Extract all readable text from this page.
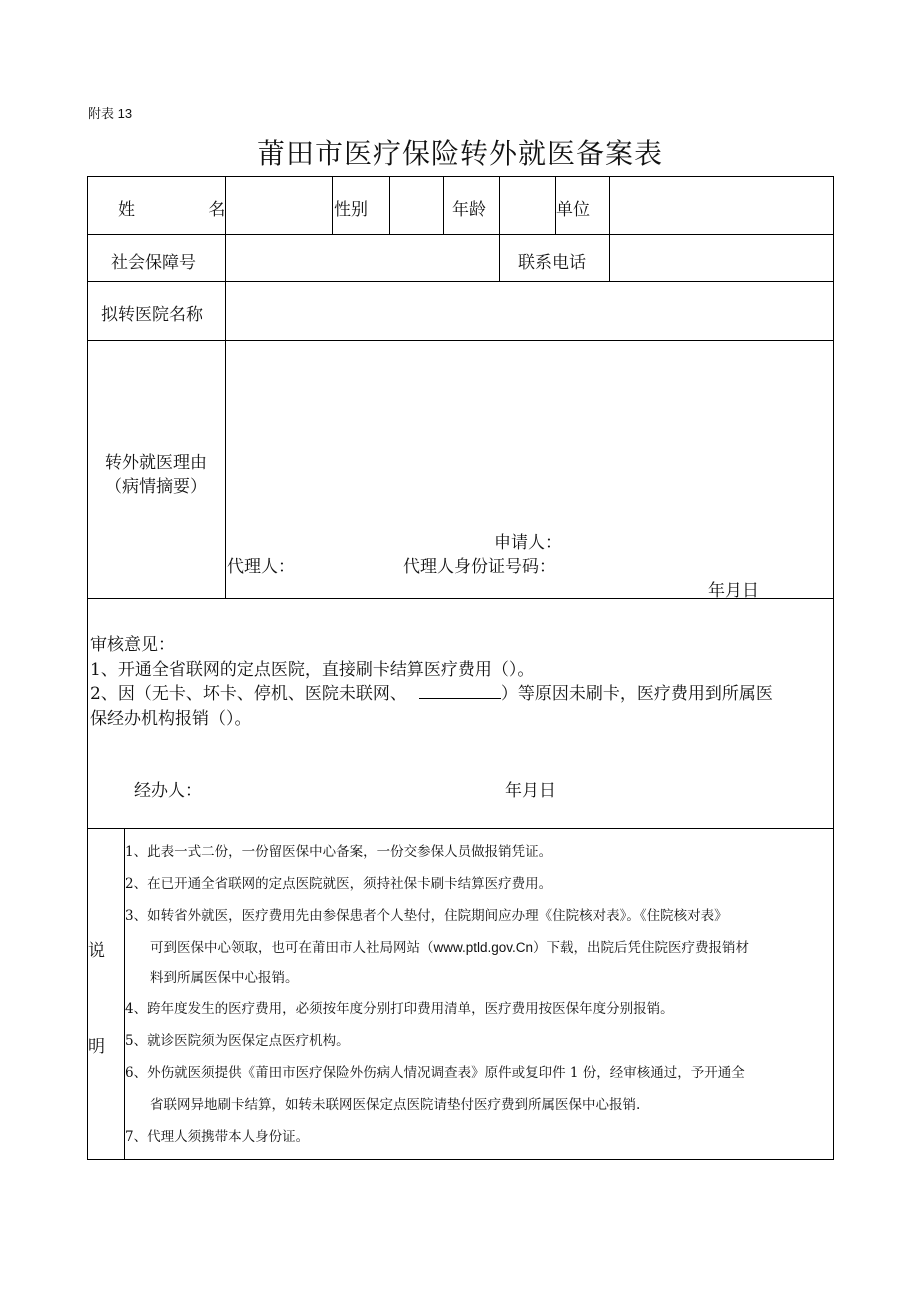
附表 13
莆田市医疗保险转外就医备案表
姓 名	性别	年龄	单位
社会保障号	联系电话
拟转医院名称
转外就医理由
（病情摘要）
申请人：
代理人：	代理人身份证号码：
年月日
审核意见：
1、开通全省联网的定点医院，直接刷卡结算医疗费用（）。
2、因（无卡、坏卡、停机、医院未联网、	）等原因未刷卡，医疗费用到所属医
保经办机构报销（）。
经办人：	年月日
说
明
1、此表一式二份，一份留医保中心备案，一份交参保人员做报销凭证。
2、在已开通全省联网的定点医院就医，须持社保卡刷卡结算医疗费用。
3、如转省外就医，医疗费用先由参保患者个人垫付，住院期间应办理《住院核对表》。《住院核对表》
可到医保中心领取，也可在莆田市人社局网站（www.ptld.gov.Cn）下载，出院后凭住院医疗费报销材
料到所属医保中心报销。
4、跨年度发生的医疗费用，必须按年度分别打印费用清单，医疗费用按医保年度分别报销。
5、就诊医院须为医保定点医疗机构。
6、外伤就医须提供《莆田市医疗保险外伤病人情况调查表》原件或复印件 1 份，经审核通过，予开通全
省联网异地刷卡结算，如转未联网医保定点医院请垫付医疗费到所属医保中心报销.
7、代理人须携带本人身份证。
